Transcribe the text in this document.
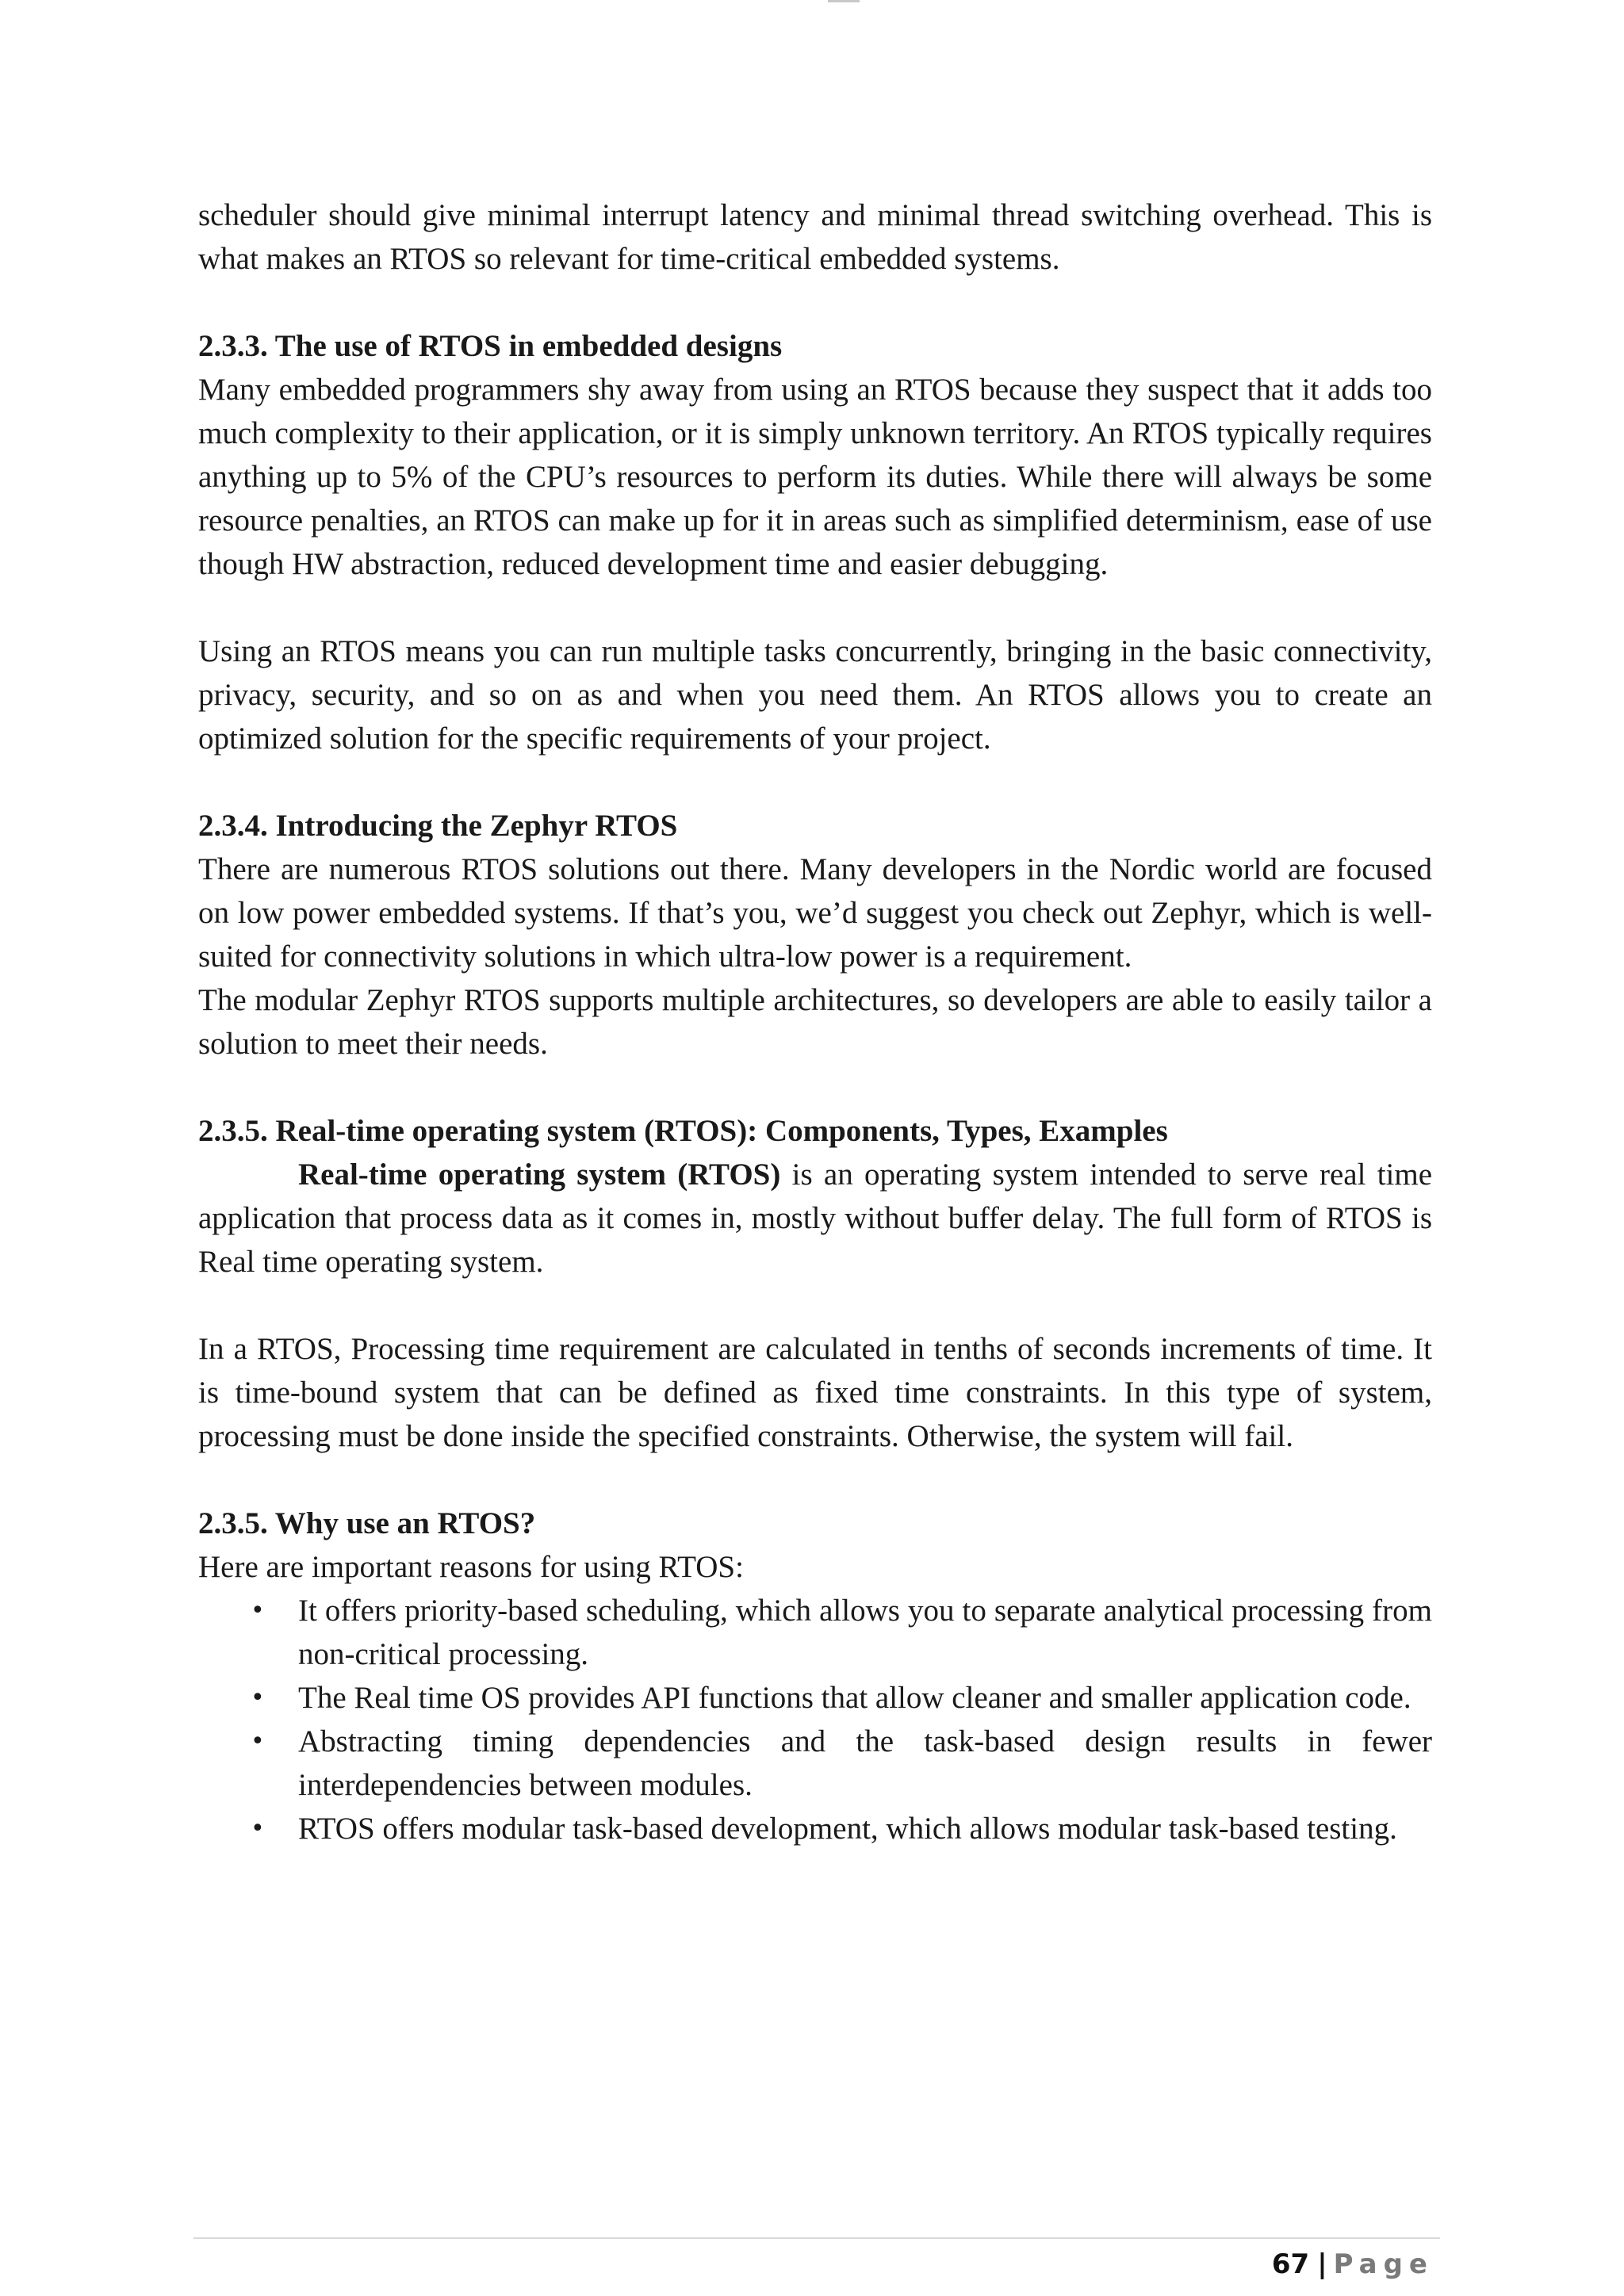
scheduler should give minimal interrupt latency and minimal thread switching overhead. This is what makes an RTOS so relevant for time-critical embedded systems.

2.3.3. The use of RTOS in embedded designs

Many embedded programmers shy away from using an RTOS because they suspect that it adds too much complexity to their application, or it is simply unknown territory. An RTOS typically requires anything up to 5% of the CPU’s resources to perform its duties. While there will always be some resource penalties, an RTOS can make up for it in areas such as simplified determinism, ease of use though HW abstraction, reduced development time and easier debugging.

Using an RTOS means you can run multiple tasks concurrently, bringing in the basic connectivity, privacy, security, and so on as and when you need them. An RTOS allows you to create an optimized solution for the specific requirements of your project.

2.3.4. Introducing the Zephyr RTOS

There are numerous RTOS solutions out there. Many developers in the Nordic world are focused on low power embedded systems. If that’s you, we’d suggest you check out Zephyr, which is well-suited for connectivity solutions in which ultra-low power is a requirement.

The modular Zephyr RTOS supports multiple architectures, so developers are able to easily tailor a solution to meet their needs.

2.3.5. Real-time operating system (RTOS): Components, Types, Examples

Real-time operating system (RTOS) is an operating system intended to serve real time application that process data as it comes in, mostly without buffer delay. The full form of RTOS is Real time operating system.

In a RTOS, Processing time requirement are calculated in tenths of seconds increments of time. It is time-bound system that can be defined as fixed time constraints. In this type of system, processing must be done inside the specified constraints. Otherwise, the system will fail.

2.3.5. Why use an RTOS?

Here are important reasons for using RTOS:

• It offers priority-based scheduling, which allows you to separate analytical processing from non-critical processing.
• The Real time OS provides API functions that allow cleaner and smaller application code.
• Abstracting timing dependencies and the task-based design results in fewer interdependencies between modules.
• RTOS offers modular task-based development, which allows modular task-based testing.
67 | Page
